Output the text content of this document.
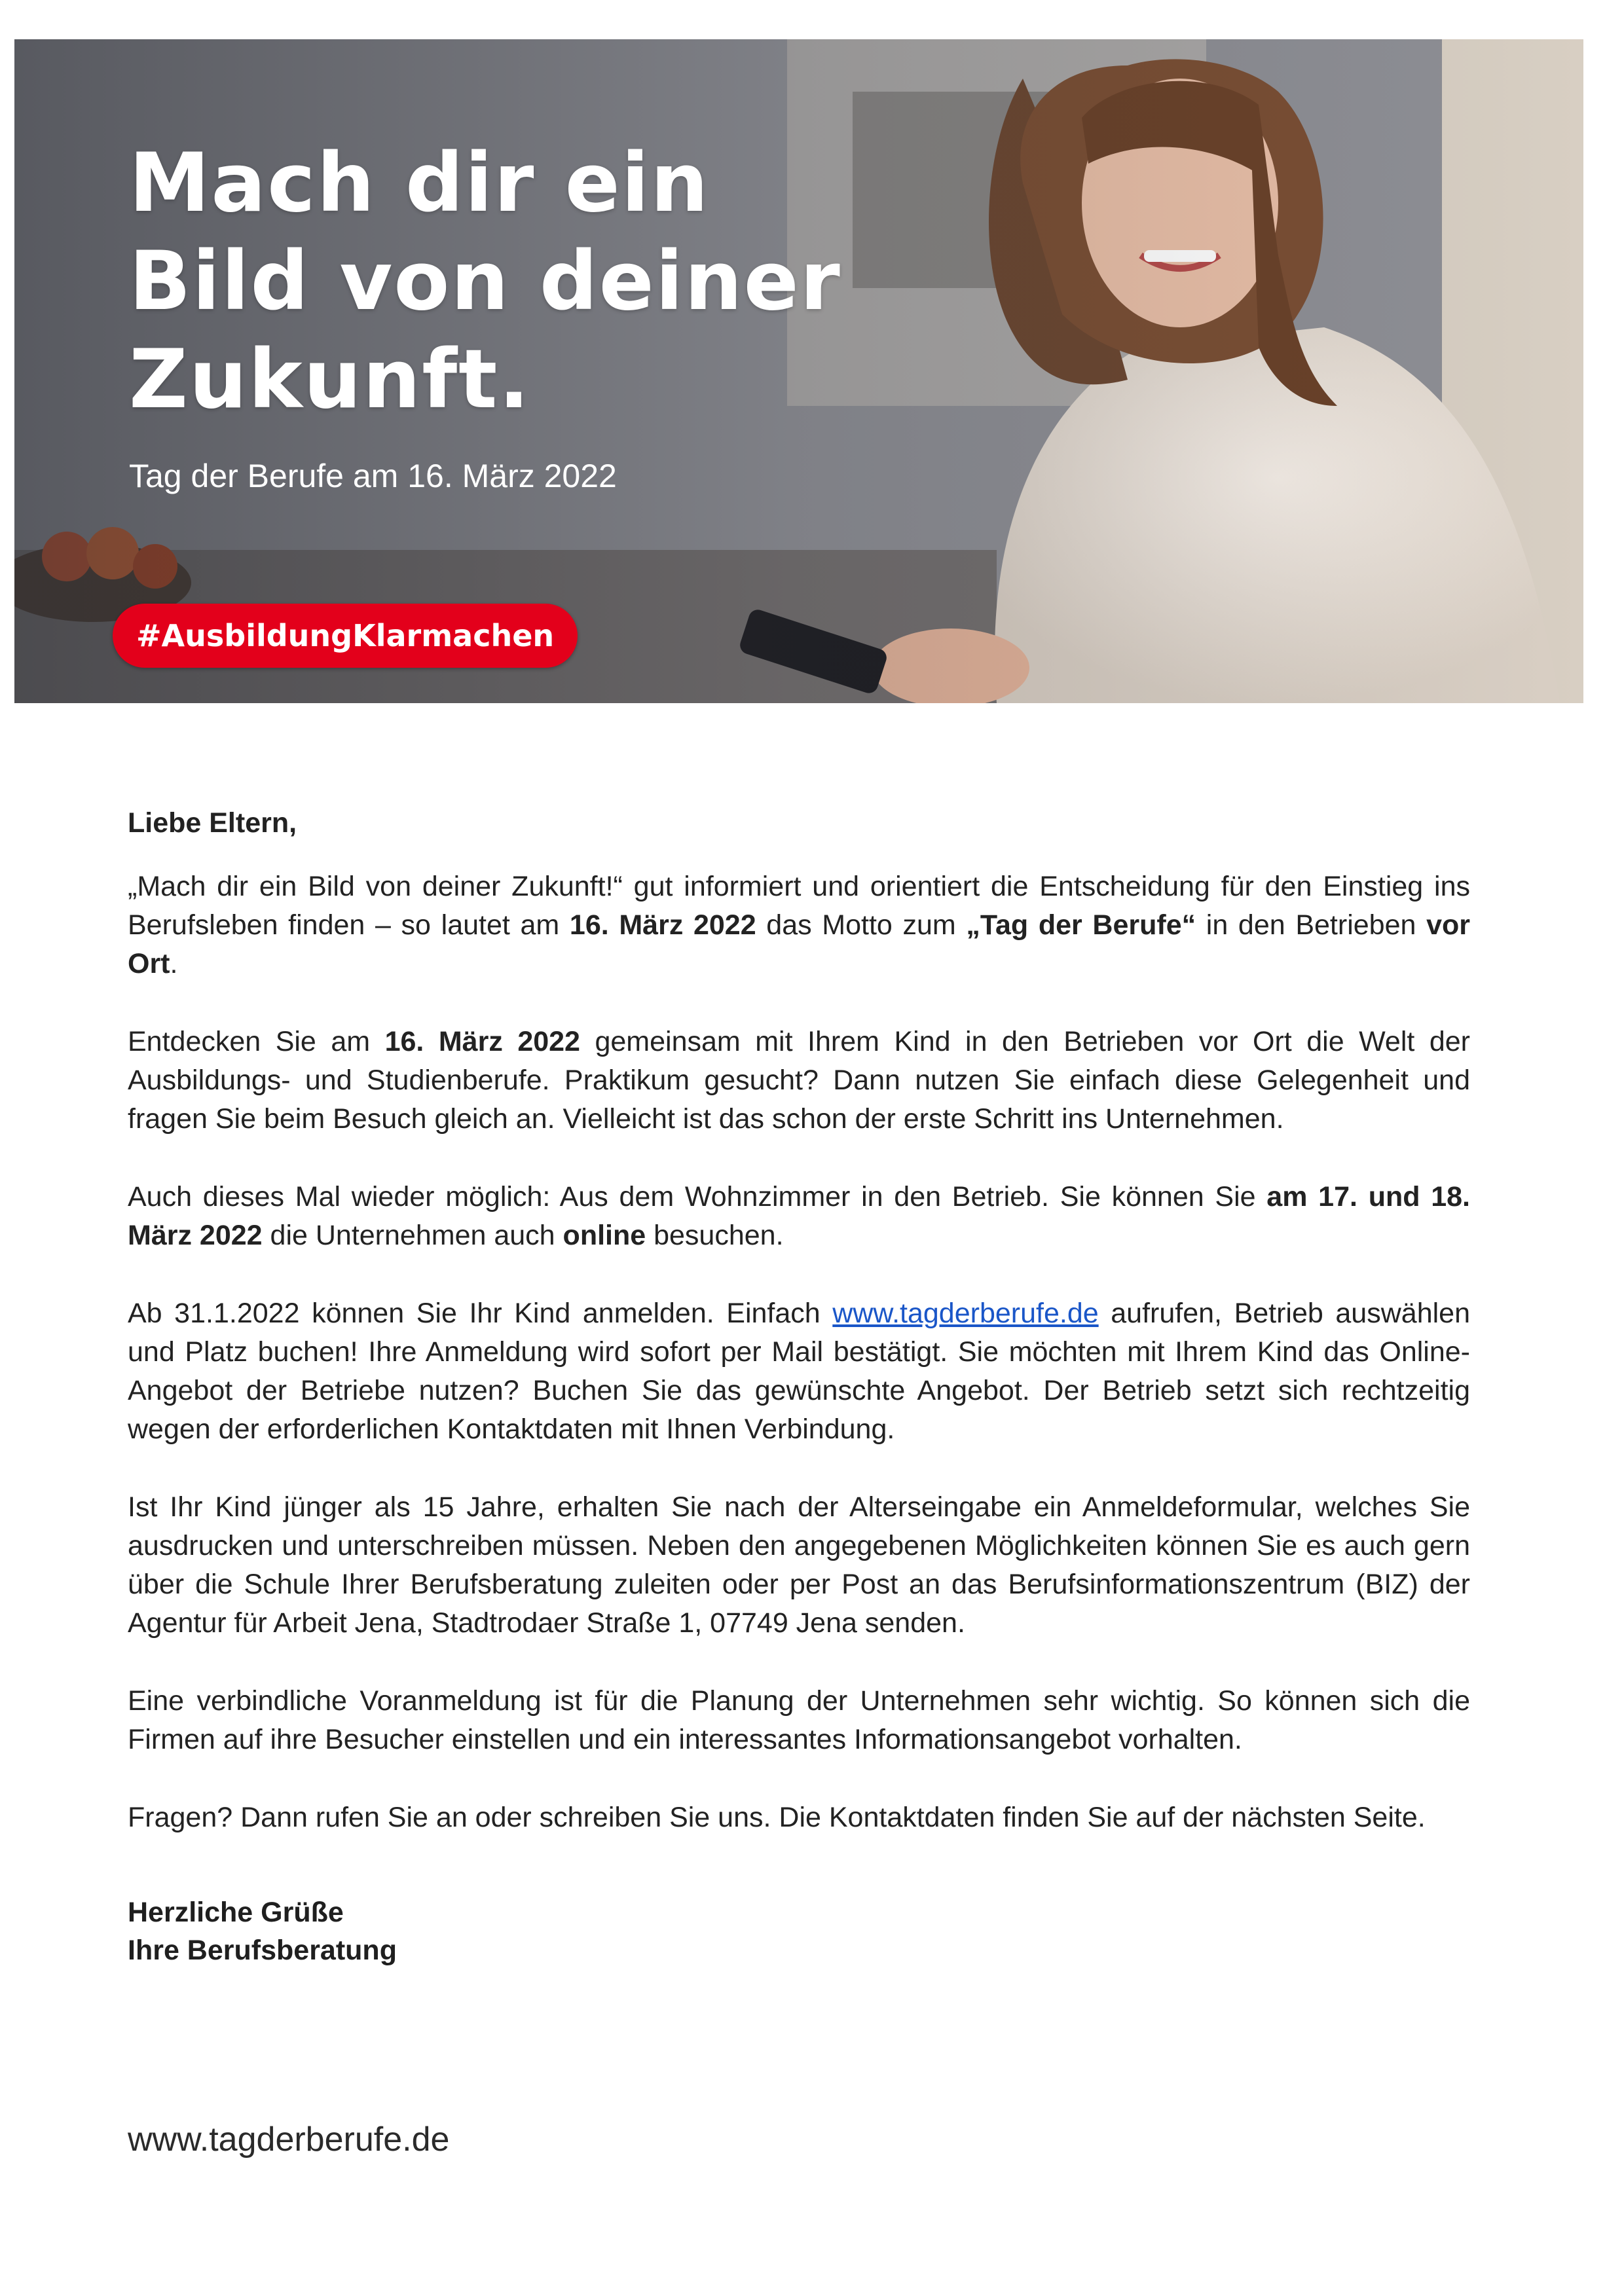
Mach dir ein
Bild von deiner
Zukunft.
Tag der Berufe am 16. März 2022
#AusbildungKlarmachen

Liebe Eltern,

„Mach dir ein Bild von deiner Zukunft!“ gut informiert und orientiert die Entscheidung für den Einstieg ins Berufsleben finden – so lautet am 16. März 2022 das Motto zum „Tag der Berufe“ in den Betrieben vor Ort.

Entdecken Sie am 16. März 2022 gemeinsam mit Ihrem Kind in den Betrieben vor Ort die Welt der Ausbildungs- und Studienberufe. Praktikum gesucht? Dann nutzen Sie einfach diese Gelegenheit und fragen Sie beim Besuch gleich an. Vielleicht ist das schon der erste Schritt ins Unternehmen.

Auch dieses Mal wieder möglich: Aus dem Wohnzimmer in den Betrieb. Sie können Sie am 17. und 18. März 2022 die Unternehmen auch online besuchen.

Ab 31.1.2022 können Sie Ihr Kind anmelden. Einfach www.tagderberufe.de aufrufen, Betrieb auswählen und Platz buchen! Ihre Anmeldung wird sofort per Mail bestätigt. Sie möchten mit Ihrem Kind das Online-Angebot der Betriebe nutzen? Buchen Sie das gewünschte Angebot. Der Betrieb setzt sich rechtzeitig wegen der erforderlichen Kontaktdaten mit Ihnen Verbindung.

Ist Ihr Kind jünger als 15 Jahre, erhalten Sie nach der Alterseingabe ein Anmeldeformular, welches Sie ausdrucken und unterschreiben müssen. Neben den angegebenen Möglichkeiten können Sie es auch gern über die Schule Ihrer Berufsberatung zuleiten oder per Post an das Berufsinformationszentrum (BIZ) der Agentur für Arbeit Jena, Stadtrodaer Straße 1, 07749 Jena senden.

Eine verbindliche Voranmeldung ist für die Planung der Unternehmen sehr wichtig. So können sich die Firmen auf ihre Besucher einstellen und ein interessantes Informationsangebot vorhalten.

Fragen? Dann rufen Sie an oder schreiben Sie uns. Die Kontaktdaten finden Sie auf der nächsten Seite.

Herzliche Grüße
Ihre Berufsberatung
www.tagderberufe.de
